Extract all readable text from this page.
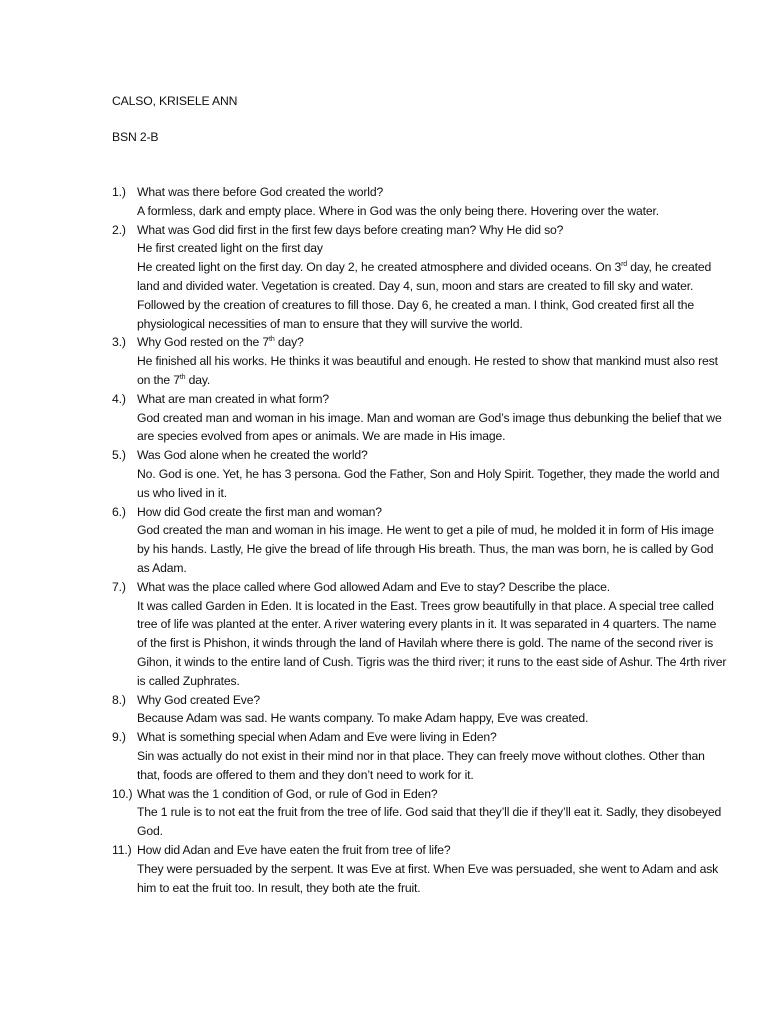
CALSO, KRISELE ANN

BSN 2-B

1.) What was there before God created the world?
A formless, dark and empty place. Where in God was the only being there. Hovering over the water.
2.) What was God did first in the first few days before creating man? Why He did so?
He first created light on the first day
He created light on the first day. On day 2, he created atmosphere and divided oceans. On 3rd day, he created land and divided water. Vegetation is created. Day 4, sun, moon and stars are created to fill sky and water. Followed by the creation of creatures to fill those. Day 6, he created a man. I think, God created first all the physiological necessities of man to ensure that they will survive the world.
3.) Why God rested on the 7th day?
He finished all his works. He thinks it was beautiful and enough. He rested to show that mankind must also rest on the 7th day.
4.) What are man created in what form?
God created man and woman in his image. Man and woman are God’s image thus debunking the belief that we are species evolved from apes or animals. We are made in His image.
5.) Was God alone when he created the world?
No. God is one. Yet, he has 3 persona. God the Father, Son and Holy Spirit. Together, they made the world and us who lived in it.
6.) How did God create the first man and woman?
God created the man and woman in his image. He went to get a pile of mud, he molded it in form of His image by his hands. Lastly, He give the bread of life through His breath. Thus, the man was born, he is called by God as Adam.
7.) What was the place called where God allowed Adam and Eve to stay? Describe the place.
It was called Garden in Eden. It is located in the East. Trees grow beautifully in that place. A special tree called tree of life was planted at the enter. A river watering every plants in it. It was separated in 4 quarters. The name of the first is Phishon, it winds through the land of Havilah where there is gold. The name of the second river is Gihon, it winds to the entire land of Cush. Tigris was the third river; it runs to the east side of Ashur. The 4rth river is called Zuphrates.
8.) Why God created Eve?
Because Adam was sad. He wants company. To make Adam happy, Eve was created.
9.) What is something special when Adam and Eve were living in Eden?
Sin was actually do not exist in their mind nor in that place. They can freely move without clothes. Other than that, foods are offered to them and they don’t need to work for it.
10.) What was the 1 condition of God, or rule of God in Eden?
The 1 rule is to not eat the fruit from the tree of life. God said that they’ll die if they’ll eat it. Sadly, they disobeyed God.
11.) How did Adan and Eve have eaten the fruit from tree of life?
They were persuaded by the serpent. It was Eve at first. When Eve was persuaded, she went to Adam and ask him to eat the fruit too. In result, they both ate the fruit.
